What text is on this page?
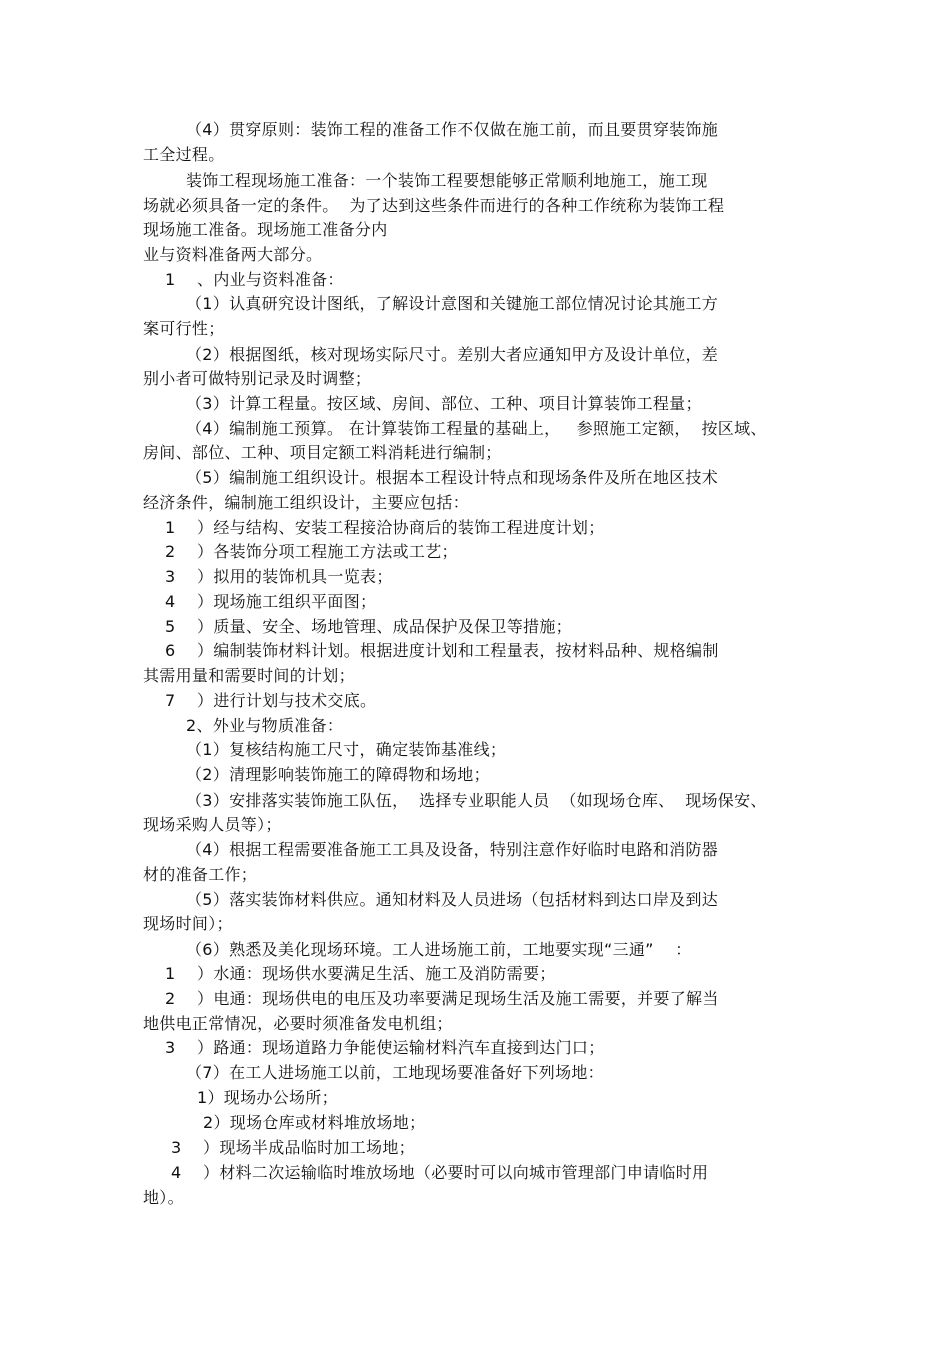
（4）贯穿原则：装饰工程的准备工作不仅做在施工前，而且要贯穿装饰施
工全过程。
装饰工程现场施工准备：一个装饰工程要想能够正常顺利地施工，施工现
场就必须具备一定的条件。  为了达到这些条件而进行的各种工作统称为装饰工程
现场施工准备。现场施工准备分内
业与资料准备两大部分。
1    、内业与资料准备：
（1）认真研究设计图纸，了解设计意图和关键施工部位情况讨论其施工方
案可行性；
（2）根据图纸，核对现场实际尺寸。差别大者应通知甲方及设计单位，差
别小者可做特别记录及时调整；
（3）计算工程量。按区域、房间、部位、工种、项目计算装饰工程量；
（4）编制施工预算。 在计算装饰工程量的基础上，   参照施工定额，  按区域、
房间、部位、工种、项目定额工料消耗进行编制；
（5）编制施工组织设计。根据本工程设计特点和现场条件及所在地区技术
经济条件，编制施工组织设计，主要应包括：
1    ）经与结构、安装工程接洽协商后的装饰工程进度计划；
2    ）各装饰分项工程施工方法或工艺；
3    ）拟用的装饰机具一览表；
4    ）现场施工组织平面图；
5    ）质量、安全、场地管理、成品保护及保卫等措施；
6    ）编制装饰材料计划。根据进度计划和工程量表，按材料品种、规格编制
其需用量和需要时间的计划；
7    ）进行计划与技术交底。
2、外业与物质准备：
（1）复核结构施工尺寸，确定装饰基准线；
（2）清理影响装饰施工的障碍物和场地；
（3）安排落实装饰施工队伍，  选择专业职能人员  （如现场仓库、  现场保安、
现场采购人员等）；
（4）根据工程需要准备施工工具及设备，特别注意作好临时电路和消防器
材的准备工作；
（5）落实装饰材料供应。通知材料及人员进场（包括材料到达口岸及到达
现场时间）；
（6）熟悉及美化现场环境。工人进场施工前，工地要实现“三通”    ：
1    ）水通：现场供水要满足生活、施工及消防需要；
2    ）电通：现场供电的电压及功率要满足现场生活及施工需要，并要了解当
地供电正常情况，必要时须准备发电机组；
3    ）路通：现场道路力争能使运输材料汽车直接到达门口；
（7）在工人进场施工以前，工地现场要准备好下列场地：
1）现场办公场所；
2）现场仓库或材料堆放场地；
3    ）现场半成品临时加工场地；
4    ）材料二次运输临时堆放场地（必要时可以向城市管理部门申请临时用
地）。
